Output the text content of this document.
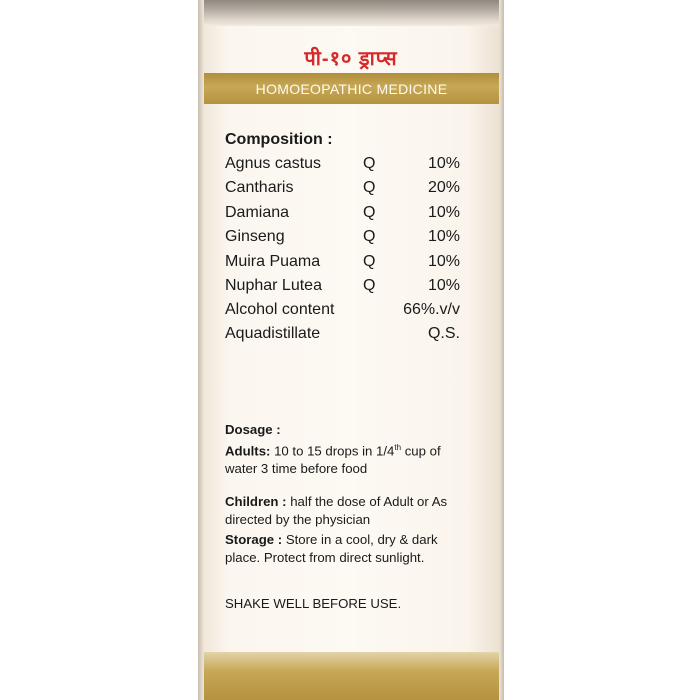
पी-१० ड्राप्स
HOMOEOPATHIC MEDICINE
Composition :
Agnus castus	Q	10%
Cantharis	Q	20%
Damiana	Q	10%
Ginseng	Q	10%
Muira Puama	Q	10%
Nuphar Lutea	Q	10%
Alcohol content	66%.v/v
Aquadistillate	Q.S.
Dosage :
Adults: 10 to 15 drops in 1/4th cup of water 3 time before food
Children : half the dose of Adult or As directed by the physician
Storage : Store in a cool, dry & dark place. Protect from direct sunlight.
SHAKE WELL BEFORE USE.
